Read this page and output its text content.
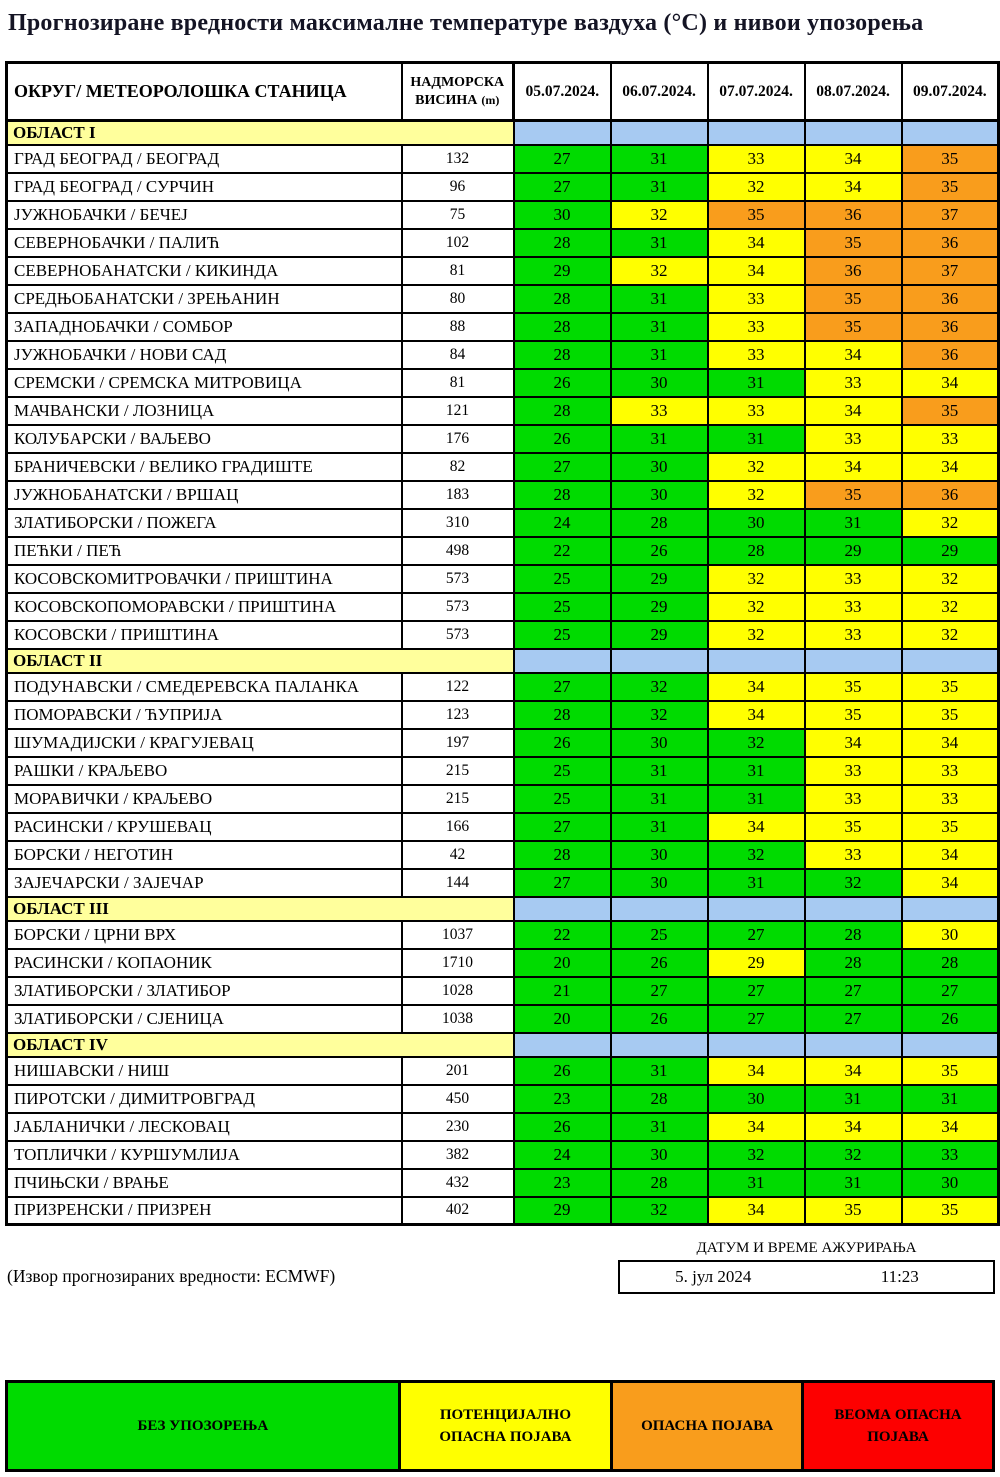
Прогнозиране вредности максималне температуре ваздуха (°С) и нивои упозорења
ОКРУГ/ МЕТЕОРОЛОШКА СТАНИЦА	НАДМОРСКА
ВИСИНА (m)	05.07.2024.	06.07.2024.	07.07.2024.	08.07.2024.	09.07.2024.
ОБЛАСТ I						
ГРАД БЕОГРАД / БЕОГРАД	132	27	31	33	34	35
ГРАД БЕОГРАД / СУРЧИН	96	27	31	32	34	35
ЈУЖНОБАЧКИ / БЕЧЕЈ	75	30	32	35	36	37
СЕВЕРНОБАЧКИ / ПАЛИЋ	102	28	31	34	35	36
СЕВЕРНОБАНАТСКИ / КИКИНДА	81	29	32	34	36	37
СРЕДЊОБАНАТСКИ / ЗРЕЊАНИН	80	28	31	33	35	36
ЗАПАДНОБАЧКИ / СОМБОР	88	28	31	33	35	36
ЈУЖНОБАЧКИ / НОВИ САД	84	28	31	33	34	36
СРЕМСКИ / СРЕМСКА МИТРОВИЦА	81	26	30	31	33	34
МАЧВАНСКИ / ЛОЗНИЦА	121	28	33	33	34	35
КОЛУБАРСКИ / ВАЉЕВО	176	26	31	31	33	33
БРАНИЧЕВСКИ / ВЕЛИКО ГРАДИШТЕ	82	27	30	32	34	34
ЈУЖНОБАНАТСКИ / ВРШАЦ	183	28	30	32	35	36
ЗЛАТИБОРСКИ / ПОЖЕГА	310	24	28	30	31	32
ПЕЋКИ / ПЕЋ	498	22	26	28	29	29
КОСОВСКОМИТРОВАЧКИ / ПРИШТИНА	573	25	29	32	33	32
КОСОВСКОПОМОРАВСКИ / ПРИШТИНА	573	25	29	32	33	32
КОСОВСКИ / ПРИШТИНА	573	25	29	32	33	32
ОБЛАСТ II						
ПОДУНАВСКИ / СМЕДЕРЕВСКА ПАЛАНКА	122	27	32	34	35	35
ПОМОРАВСКИ / ЋУПРИЈА	123	28	32	34	35	35
ШУМАДИЈСКИ / КРАГУЈЕВАЦ	197	26	30	32	34	34
РАШКИ / КРАЉЕВО	215	25	31	31	33	33
МОРАВИЧКИ / КРАЉЕВО	215	25	31	31	33	33
РАСИНСКИ / КРУШЕВАЦ	166	27	31	34	35	35
БОРСКИ / НЕГОТИН	42	28	30	32	33	34
ЗАЈЕЧАРСКИ / ЗАЈЕЧАР	144	27	30	31	32	34
ОБЛАСТ III						
БОРСКИ / ЦРНИ ВРХ	1037	22	25	27	28	30
РАСИНСКИ / КОПАОНИК	1710	20	26	29	28	28
ЗЛАТИБОРСКИ / ЗЛАТИБОР	1028	21	27	27	27	27
ЗЛАТИБОРСКИ / СЈЕНИЦА	1038	20	26	27	27	26
ОБЛАСТ IV						
НИШАВСКИ / НИШ	201	26	31	34	34	35
ПИРОТСКИ / ДИМИТРОВГРАД	450	23	28	30	31	31
ЈАБЛАНИЧКИ / ЛЕСКОВАЦ	230	26	31	34	34	34
ТОПЛИЧКИ / КУРШУМЛИЈА	382	24	30	32	32	33
ПЧИЊСКИ / ВРАЊЕ	432	23	28	31	31	30
ПРИЗРЕНСКИ / ПРИЗРЕН	402	29	32	34	35	35
ДАТУМ И ВРЕМЕ АЖУРИРАЊА
5. јул 2024	11:23
(Извор прогнозираних вредности: ECMWF)
БЕЗ УПОЗОРЕЊА
ПОТЕНЦИЈАЛНО ОПАСНА ПОЈАВА
ОПАСНА ПОЈАВА
ВЕОМА ОПАСНА ПОЈАВА
